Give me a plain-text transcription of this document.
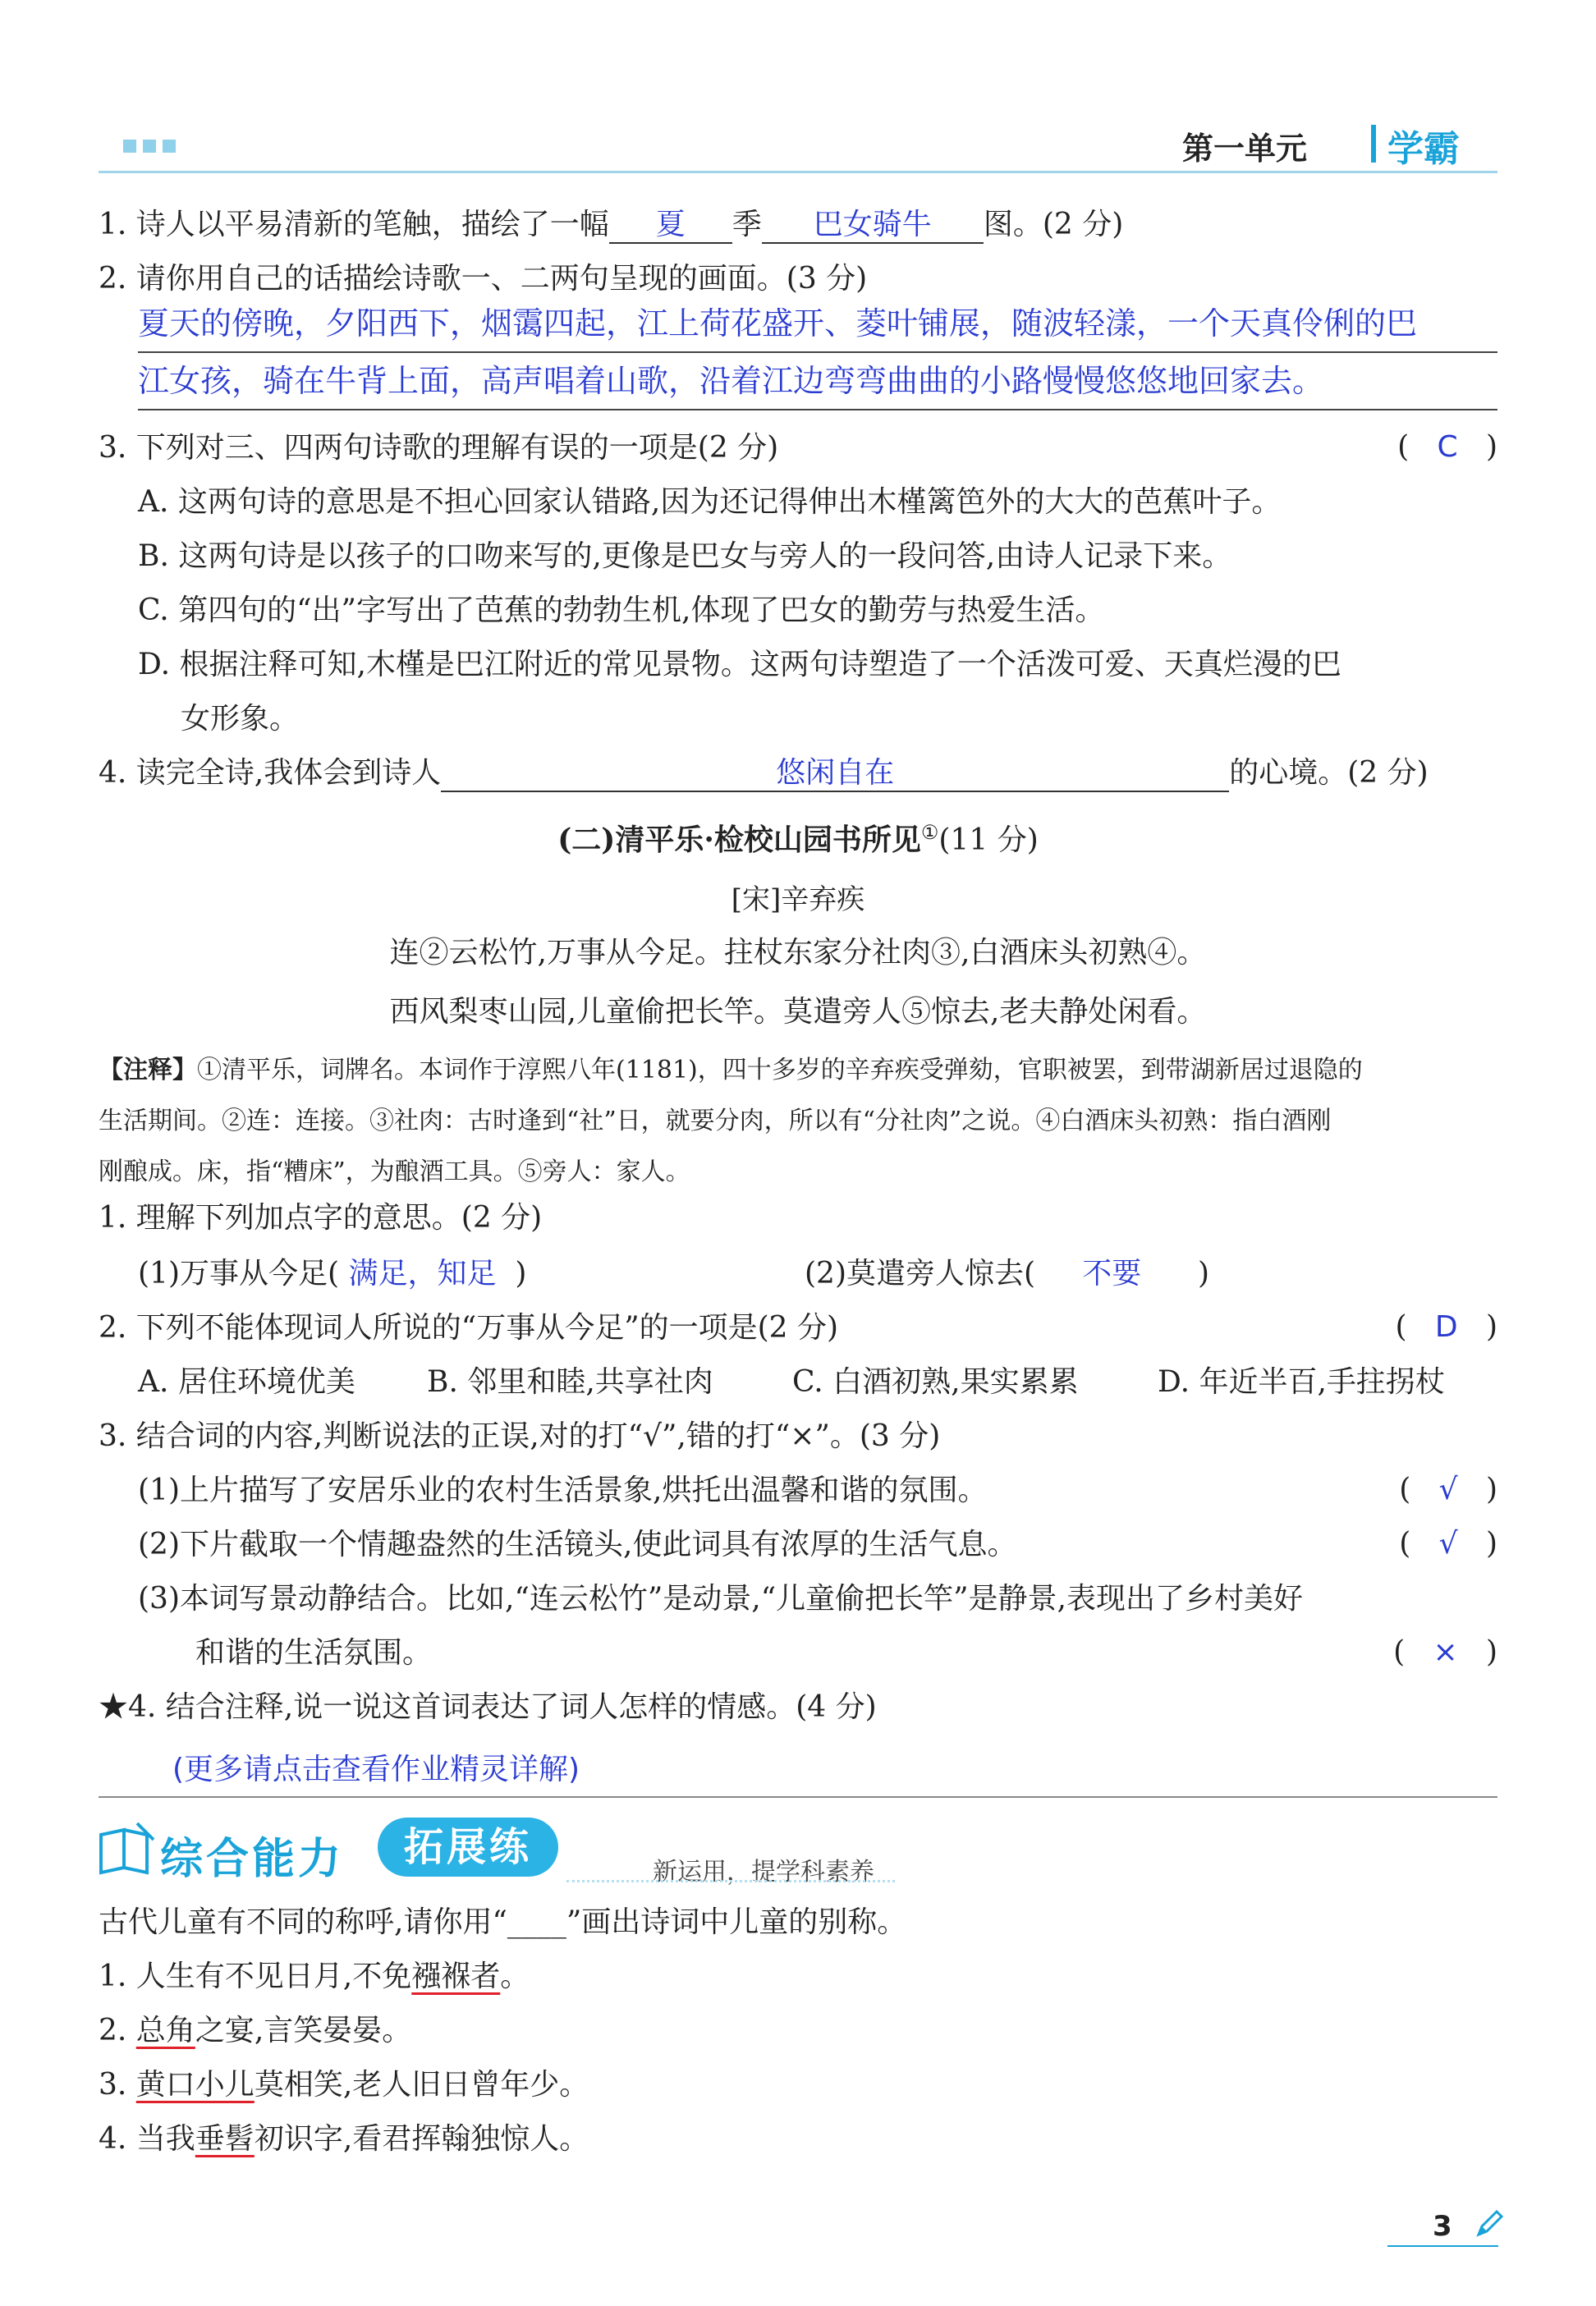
第一单元 学霸
1. 诗人以平易清新的笔触，描绘了一幅 夏 季 巴女骑牛 图。(2 分)
2. 请你用自己的话描绘诗歌一、二两句呈现的画面。(3 分)
夏天的傍晚，夕阳西下，烟霭四起，江上荷花盛开、菱叶铺展，随波轻漾，一个天真伶俐的巴
江女孩，骑在牛背上面，高声唱着山歌，沿着江边弯弯曲曲的小路慢慢悠悠地回家去。
3. 下列对三、四两句诗歌的理解有误的一项是(2 分)	(   C   )
A. 这两句诗的意思是不担心回家认错路,因为还记得伸出木槿篱笆外的大大的芭蕉叶子。
B. 这两句诗是以孩子的口吻来写的,更像是巴女与旁人的一段问答,由诗人记录下来。
C. 第四句的“出”字写出了芭蕉的勃勃生机,体现了巴女的勤劳与热爱生活。
D. 根据注释可知,木槿是巴江附近的常见景物。这两句诗塑造了一个活泼可爱、天真烂漫的巴
女形象。
4. 读完全诗,我体会到诗人	悠闲自在	的心境。(2 分)
(二)清平乐·检校山园书所见①(11 分)
[宋]辛弃疾
连②云松竹,万事从今足。拄杖东家分社肉③,白酒床头初熟④。
西风梨枣山园,儿童偷把长竿。莫遣旁人⑤惊去,老夫静处闲看。
【注释】①清平乐，词牌名。本词作于淳熙八年(1181)，四十多岁的辛弃疾受弹劾，官职被罢，到带湖新居过退隐的
生活期间。②连：连接。③社肉：古时逢到“社”日，就要分肉，所以有“分社肉”之说。④白酒床头初熟：指白酒刚
刚酿成。床，指“糟床”，为酿酒工具。⑤旁人：家人。
1. 理解下列加点字的意思。(2 分)
(1)万事从今足( 满足，知足 )	(2)莫遣旁人惊去( 不要 )
2. 下列不能体现词人所说的“万事从今足”的一项是(2 分)	(   D   )
A. 居住环境优美 B. 邻里和睦,共享社肉	C. 白酒初熟,果实累累	D. 年近半百,手拄拐杖
3. 结合词的内容,判断说法的正误,对的打“√”,错的打“×”。(3 分)
(1)上片描写了安居乐业的农村生活景象,烘托出温馨和谐的氛围。	(   √   )
(2)下片截取一个情趣盎然的生活镜头,使此词具有浓厚的生活气息。	(   √   )
(3)本词写景动静结合。比如,“连云松竹”是动景,“儿童偷把长竿”是静景,表现出了乡村美好
和谐的生活氛围。	(   ×   )
★4. 结合注释,说一说这首词表达了词人怎样的情感。(4 分)
(更多请点击查看作业精灵详解)
综合能力	拓展练
新运用，提学科素养
古代儿童有不同的称呼,请你用“____”画出诗词中儿童的别称。
1. 人生有不见日月,不免襁褓者。
2. 总角之宴,言笑晏晏。
3. 黄口小儿莫相笑,老人旧日曾年少。
4. 当我垂髫初识字,看君挥翰独惊人。
3
